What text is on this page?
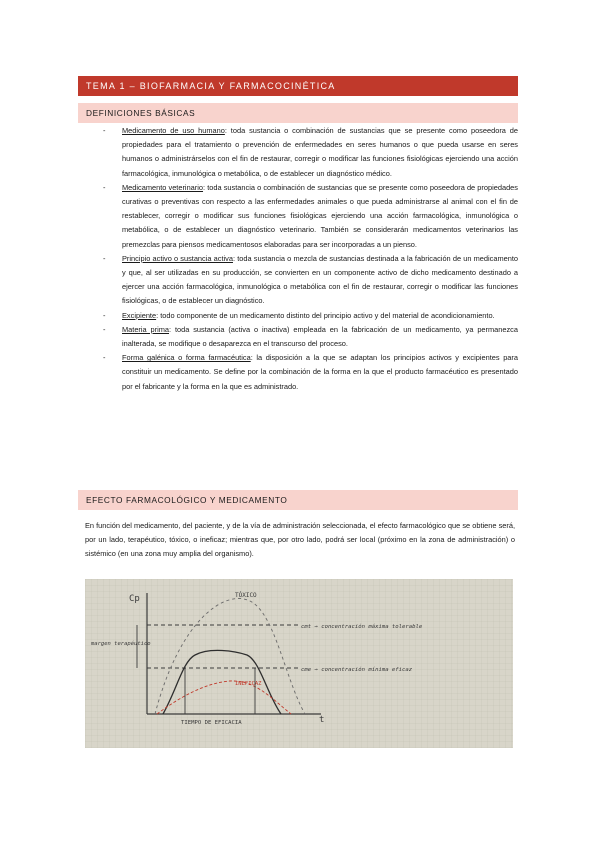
TEMA 1 – BIOFARMACIA Y FARMACOCINÉTICA
DEFINICIONES BÁSICAS
- Medicamento de uso humano: toda sustancia o combinación de sustancias que se presente como poseedora de propiedades para el tratamiento o prevención de enfermedades en seres humanos o que pueda usarse en seres humanos o administrárselos con el fin de restaurar, corregir o modificar las funciones fisiológicas ejerciendo una acción farmacológica, inmunológica o metabólica, o de establecer un diagnóstico médico.
- Medicamento veterinario: toda sustancia o combinación de sustancias que se presente como poseedora de propiedades curativas o preventivas con respecto a las enfermedades animales o que pueda administrarse al animal con el fin de restablecer, corregir o modificar sus funciones fisiológicas ejerciendo una acción farmacológica, inmunológica o metabólica, o de establecer un diagnóstico veterinario. También se considerarán medicamentos veterinarios las premezclas para piensos medicamentosos elaboradas para ser incorporadas a un pienso.
- Principio activo o sustancia activa: toda sustancia o mezcla de sustancias destinada a la fabricación de un medicamento y que, al ser utilizadas en su producción, se convierten en un componente activo de dicho medicamento destinado a ejercer una acción farmacológica, inmunológica o metabólica con el fin de restaurar, corregir o modificar las funciones fisiológicas, o de establecer un diagnóstico.
- Excipiente: todo componente de un medicamento distinto del principio activo y del material de acondicionamiento.
- Materia prima: toda sustancia (activa o inactiva) empleada en la fabricación de un medicamento, ya permanezca inalterada, se modifique o desaparezca en el transcurso del proceso.
- Forma galénica o forma farmacéutica: la disposición a la que se adaptan los principios activos y excipientes para constituir un medicamento. Se define por la combinación de la forma en la que el producto farmacéutico es presentado por el fabricante y la forma en la que es administrado.
EFECTO FARMACOLÓGICO Y MEDICAMENTO

En función del medicamento, del paciente, y de la vía de administración seleccionada, el efecto farmacológico que se obtiene será, por un lado, terapéutico, tóxico, o ineficaz; mientras que, por otro lado, podrá ser local (próximo en la zona de administración) o sistémico (en una zona muy amplia del organismo).

Cp
t
margen terapéutico
TÓXICO
INEFICAZ
TIEMPO DE EFICACIA
cmt → concentración máxima tolerable
cme → concentración mínima eficaz
